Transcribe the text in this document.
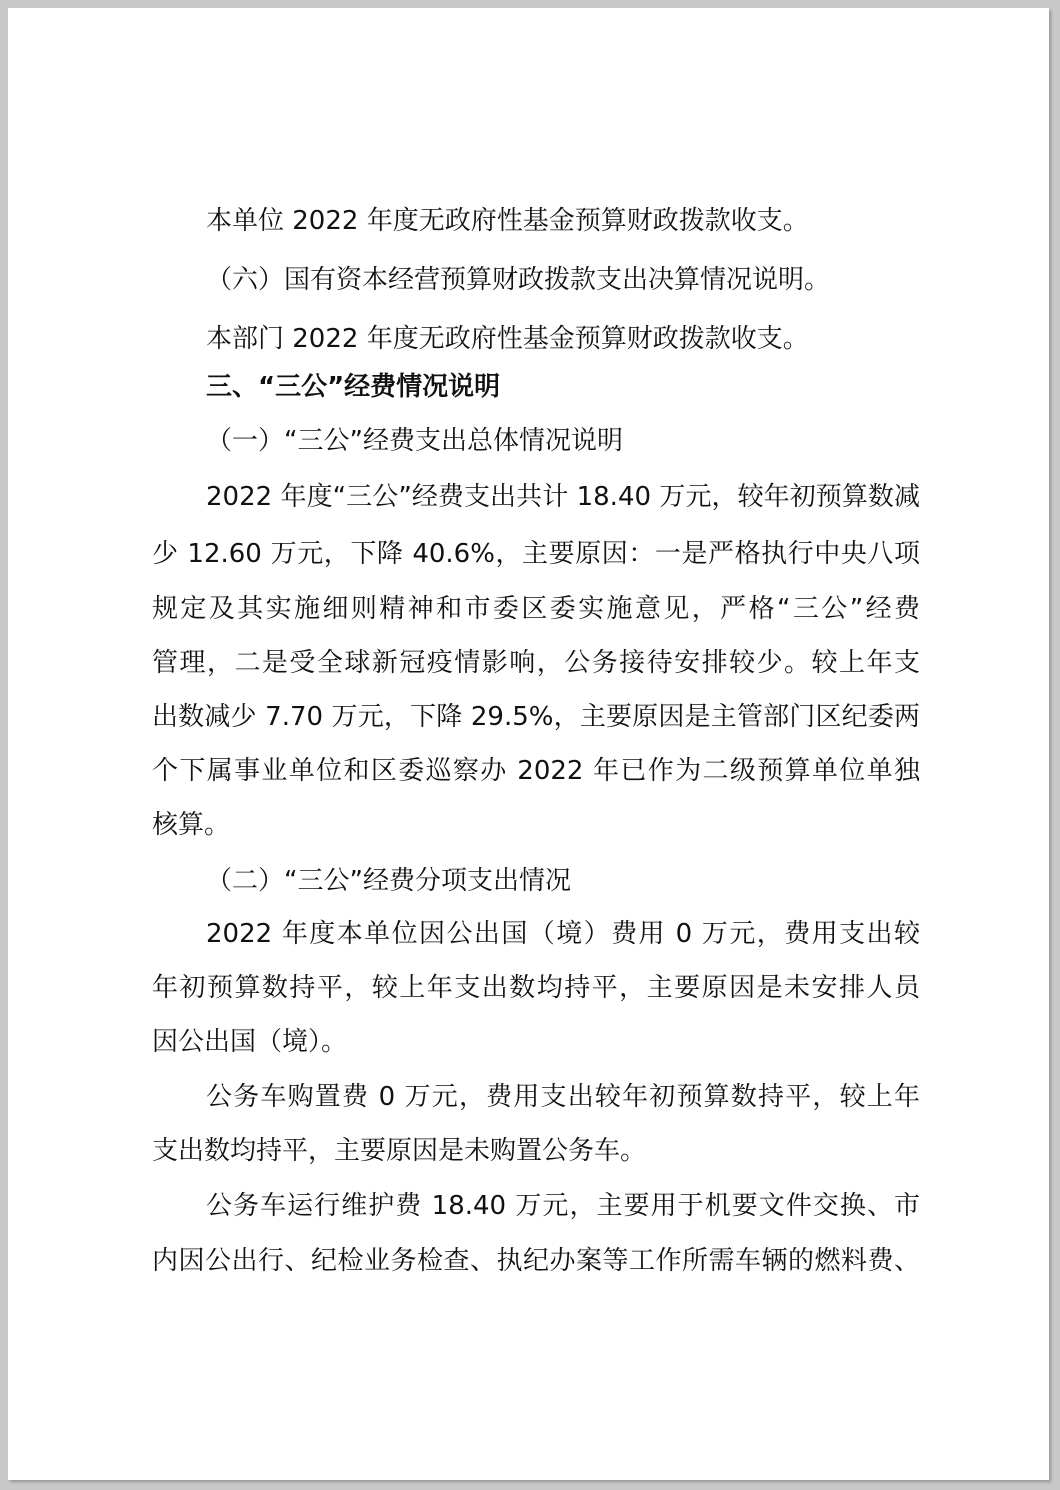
本单位 2022 年度无政府性基金预算财政拨款收支。
（六）国有资本经营预算财政拨款支出决算情况说明。
本部门 2022 年度无政府性基金预算财政拨款收支。
三、“三公”经费情况说明
（一）“三公”经费支出总体情况说明
2022 年度“三公”经费支出共计 18.40 万元，较年初预算数减
少 12.60 万元，下降 40.6%，主要原因：一是严格执行中央八项
规定及其实施细则精神和市委区委实施意见，严格“三公”经费
管理，二是受全球新冠疫情影响，公务接待安排较少。较上年支
出数减少 7.70 万元，下降 29.5%，主要原因是主管部门区纪委两
个下属事业单位和区委巡察办 2022 年已作为二级预算单位单独
核算。
（二）“三公”经费分项支出情况
2022 年度本单位因公出国（境）费用 0 万元，费用支出较
年初预算数持平，较上年支出数均持平，主要原因是未安排人员
因公出国（境）。
公务车购置费 0 万元，费用支出较年初预算数持平，较上年
支出数均持平，主要原因是未购置公务车。
公务车运行维护费 18.40 万元，主要用于机要文件交换、市
内因公出行、纪检业务检查、执纪办案等工作所需车辆的燃料费、
